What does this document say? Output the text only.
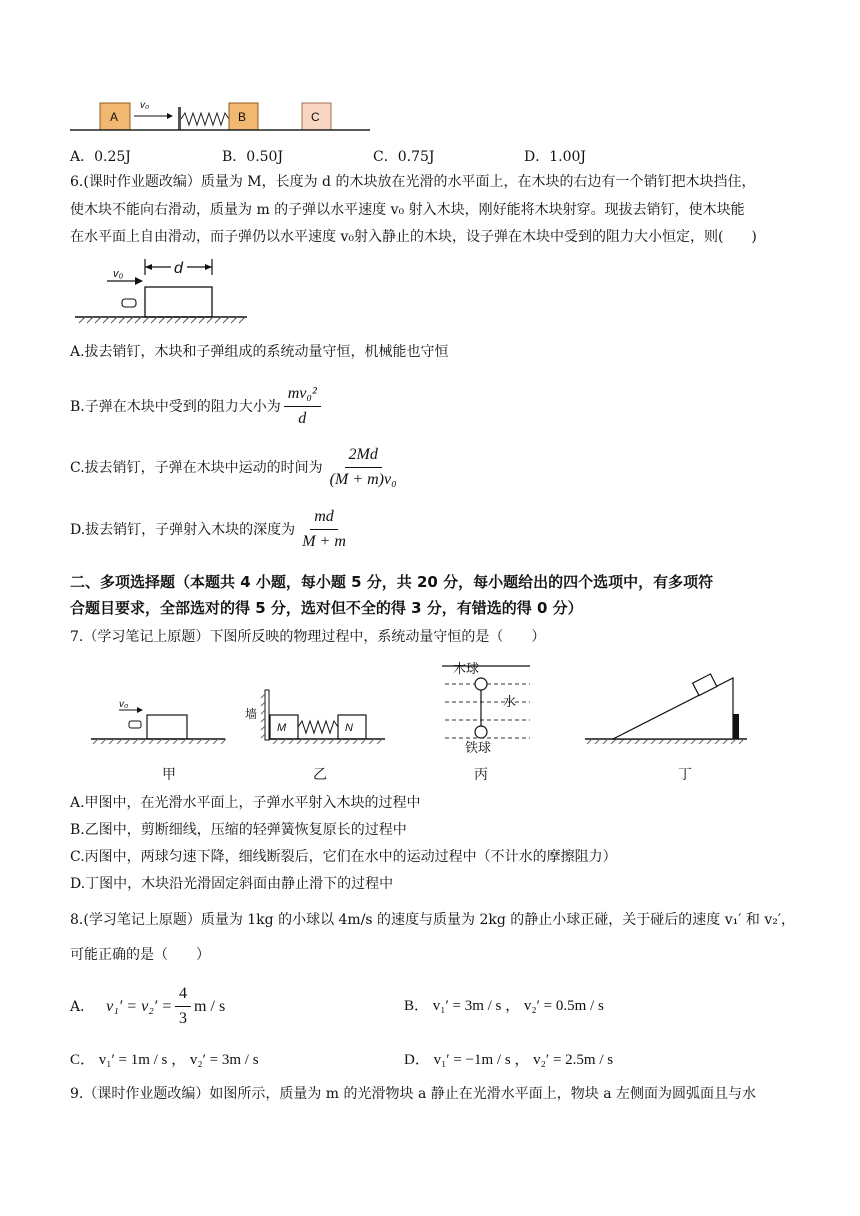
A
v₀
B	C
A．0.25J	B．0.50J	C．0.75J	D．1.00J
6.(课时作业题改编）质量为 M，长度为 d 的木块放在光滑的水平面上，在木块的右边有一个销钉把木块挡住，
使木块不能向右滑动，质量为 m 的子弹以水平速度 v₀ 射入木块，刚好能将木块射穿。现拔去销钉，使木块能
在水平面上自由滑动，而子弹仍以水平速度 v₀射入静止的木块，设子弹在木块中受到的阻力大小恒定，则(　　)
v₀	d
A.拔去销钉，木块和子弹组成的系统动量守恒，机械能也守恒
B.子弹在木块中受到的阻力大小为 $\frac{\text{mv₀²}}{d}$
C.拔去销钉，子弹在木块中运动的时间为 $\frac{2Md}{\text{(M + m)v₀}}$
D.拔去销钉，子弹射入木块的深度为 $\frac{md}{M + m}$
二、多项选择题（本题共 4 小题，每小题 5 分，共 20 分，每小题给出的四个选项中，有多项符
合题目要求，全部选对的得 5 分，选对但不全的得 3 分，有错选的得 0 分）
7.（学习笔记上原题）下图所反映的物理过程中，系统动量守恒的是（　　）
v₀
墙
M	N
木球
水
铁球
甲	乙	丙	丁
A.甲图中，在光滑水平面上，子弹水平射入木块的过程中
B.乙图中，剪断细线，压缩的轻弹簧恢复原长的过程中
C.丙图中，两球匀速下降，细线断裂后，它们在水中的运动过程中（不计水的摩擦阻力）
D.丁图中，木块沿光滑固定斜面由静止滑下的过程中
8.(学习笔记上原题）质量为 1kg 的小球以 4m/s 的速度与质量为 2kg 的静止小球正碰，关于碰后的速度 v₁′ 和 v₂′，
可能正确的是（　　）
A． $v_1' = v_2' = \frac{4}{3}$ m / s	B． v₁′ = 3m / s ， v₂′ = 0.5m / s
C． v₁′ = 1m / s ， v₂′ = 3m / s	D． v₁′ = −1m / s ， v₂′ = 2.5m / s
9.（课时作业题改编）如图所示，质量为 m 的光滑物块 a 静止在光滑水平面上，物块 a 左侧面为圆弧面且与水
